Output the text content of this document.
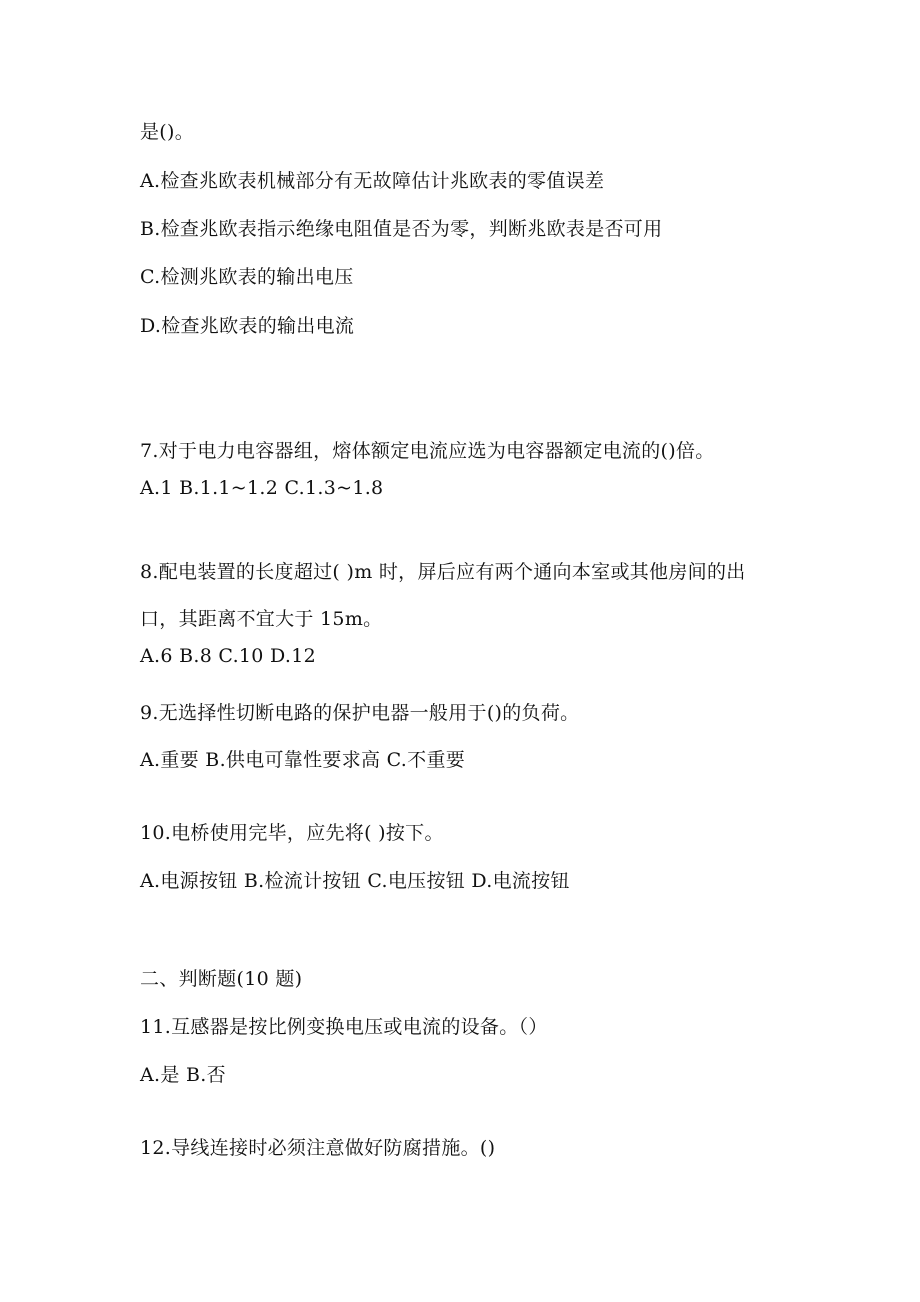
是()。
A.检查兆欧表机械部分有无故障估计兆欧表的零值误差
B.检查兆欧表指示绝缘电阻值是否为零，判断兆欧表是否可用
C.检测兆欧表的输出电压
D.检查兆欧表的输出电流
7.对于电力电容器组，熔体额定电流应选为电容器额定电流的()倍。
A.1 B.1.1~1.2 C.1.3~1.8
8.配电装置的长度超过( )m 时，屏后应有两个通向本室或其他房间的出
口，其距离不宜大于 15m。
A.6 B.8 C.10 D.12
9.无选择性切断电路的保护电器一般用于()的负荷。
A.重要 B.供电可靠性要求高 C.不重要
10.电桥使用完毕，应先将( )按下。
A.电源按钮 B.检流计按钮 C.电压按钮 D.电流按钮
二、判断题(10 题)
11.互感器是按比例变换电压或电流的设备。（）
A.是 B.否
12.导线连接时必须注意做好防腐措施。()
